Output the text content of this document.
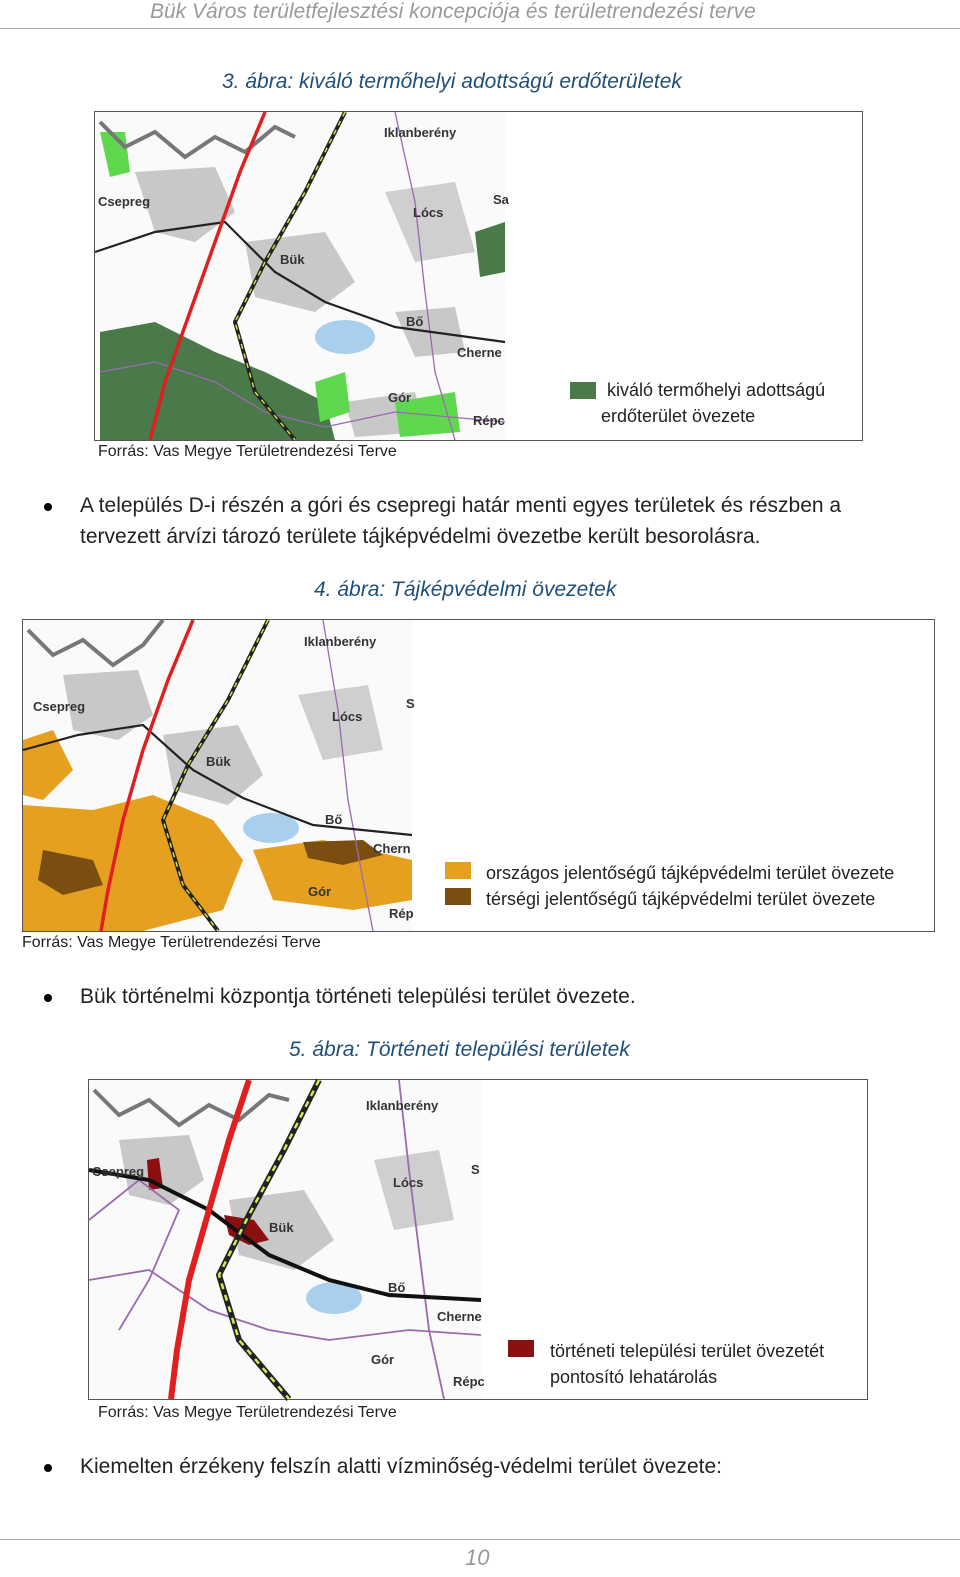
Bük Város területfejlesztési koncepciója és területrendezési terve
3. ábra: kiváló termőhelyi adottságú erdőterületek
Iklanberény
Csepreg
Lócs
Sa
Bük
Bő
Cherne
Gór
Répc
kiváló termőhelyi adottságú
erdőterület övezete
Forrás: Vas Megye Területrendezési Terve
A település D-i részén a góri és csepregi határ menti egyes területek és részben a
tervezett árvízi tározó területe tájképvédelmi övezetbe került besorolásra.
4. ábra: Tájképvédelmi övezetek
Iklanberény
Csepreg
Lócs
S
Bük
Bő
Chern
Gór
Rép
országos jelentőségű tájképvédelmi terület övezete
térségi jelentőségű tájképvédelmi terület övezete
Forrás: Vas Megye Területrendezési Terve
Bük történelmi központja történeti települési terület övezete.
5. ábra: Történeti települési területek
Iklanberény
Csepreg
Lócs
S
Bük
Bő
Cherne
Gór
Répc
történeti települési terület övezetét
pontosító lehatárolás
Forrás: Vas Megye Területrendezési Terve
Kiemelten érzékeny felszín alatti vízminőség-védelmi terület övezete:
10
